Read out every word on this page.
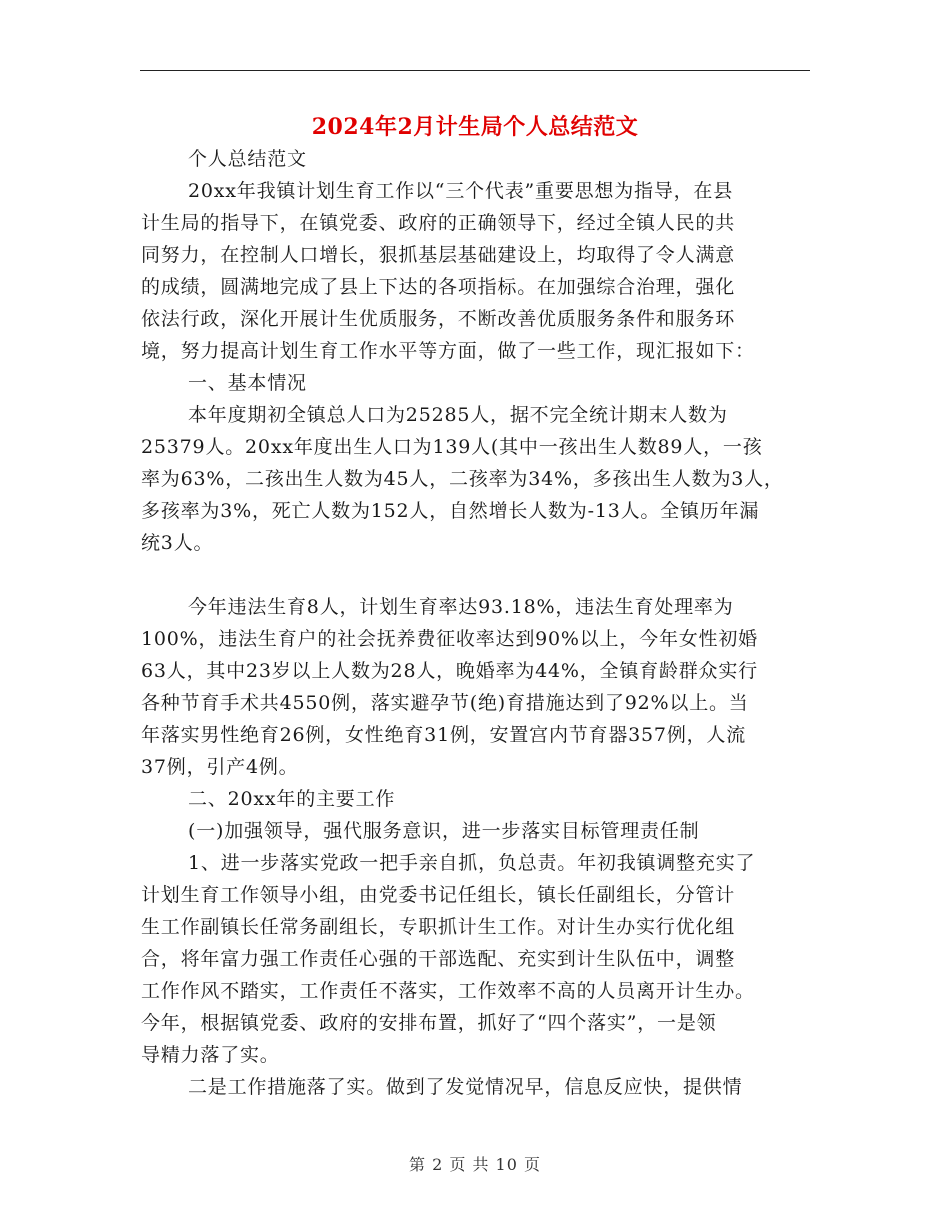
2024年2月计生局个人总结范文
个人总结范文
20xx年我镇计划生育工作以“三个代表”重要思想为指导，在县
计生局的指导下，在镇党委、政府的正确领导下，经过全镇人民的共
同努力，在控制人口增长，狠抓基层基础建设上，均取得了令人满意
的成绩，圆满地完成了县上下达的各项指标。在加强综合治理，强化
依法行政，深化开展计生优质服务，不断改善优质服务条件和服务环
境，努力提高计划生育工作水平等方面，做了一些工作，现汇报如下：
一、基本情况
本年度期初全镇总人口为25285人，据不完全统计期末人数为
25379人。20xx年度出生人口为139人(其中一孩出生人数89人，一孩
率为63%，二孩出生人数为45人，二孩率为34%，多孩出生人数为3人，
多孩率为3%，死亡人数为152人，自然增长人数为-13人。全镇历年漏
统3人。
今年违法生育8人，计划生育率达93.18%，违法生育处理率为
100%，违法生育户的社会抚养费征收率达到90%以上，今年女性初婚
63人，其中23岁以上人数为28人，晚婚率为44%，全镇育龄群众实行
各种节育手术共4550例，落实避孕节(绝)育措施达到了92%以上。当
年落实男性绝育26例，女性绝育31例，安置宫内节育器357例，人流
37例，引产4例。
二、20xx年的主要工作
(一)加强领导，强代服务意识，进一步落实目标管理责任制
1、进一步落实党政一把手亲自抓，负总责。年初我镇调整充实了
计划生育工作领导小组，由党委书记任组长，镇长任副组长，分管计
生工作副镇长任常务副组长，专职抓计生工作。对计生办实行优化组
合，将年富力强工作责任心强的干部选配、充实到计生队伍中，调整
工作作风不踏实，工作责任不落实，工作效率不高的人员离开计生办。
今年，根据镇党委、政府的安排布置，抓好了“四个落实”，一是领
导精力落了实。
二是工作措施落了实。做到了发觉情况早，信息反应快，提供情
第 2 页 共 10 页
